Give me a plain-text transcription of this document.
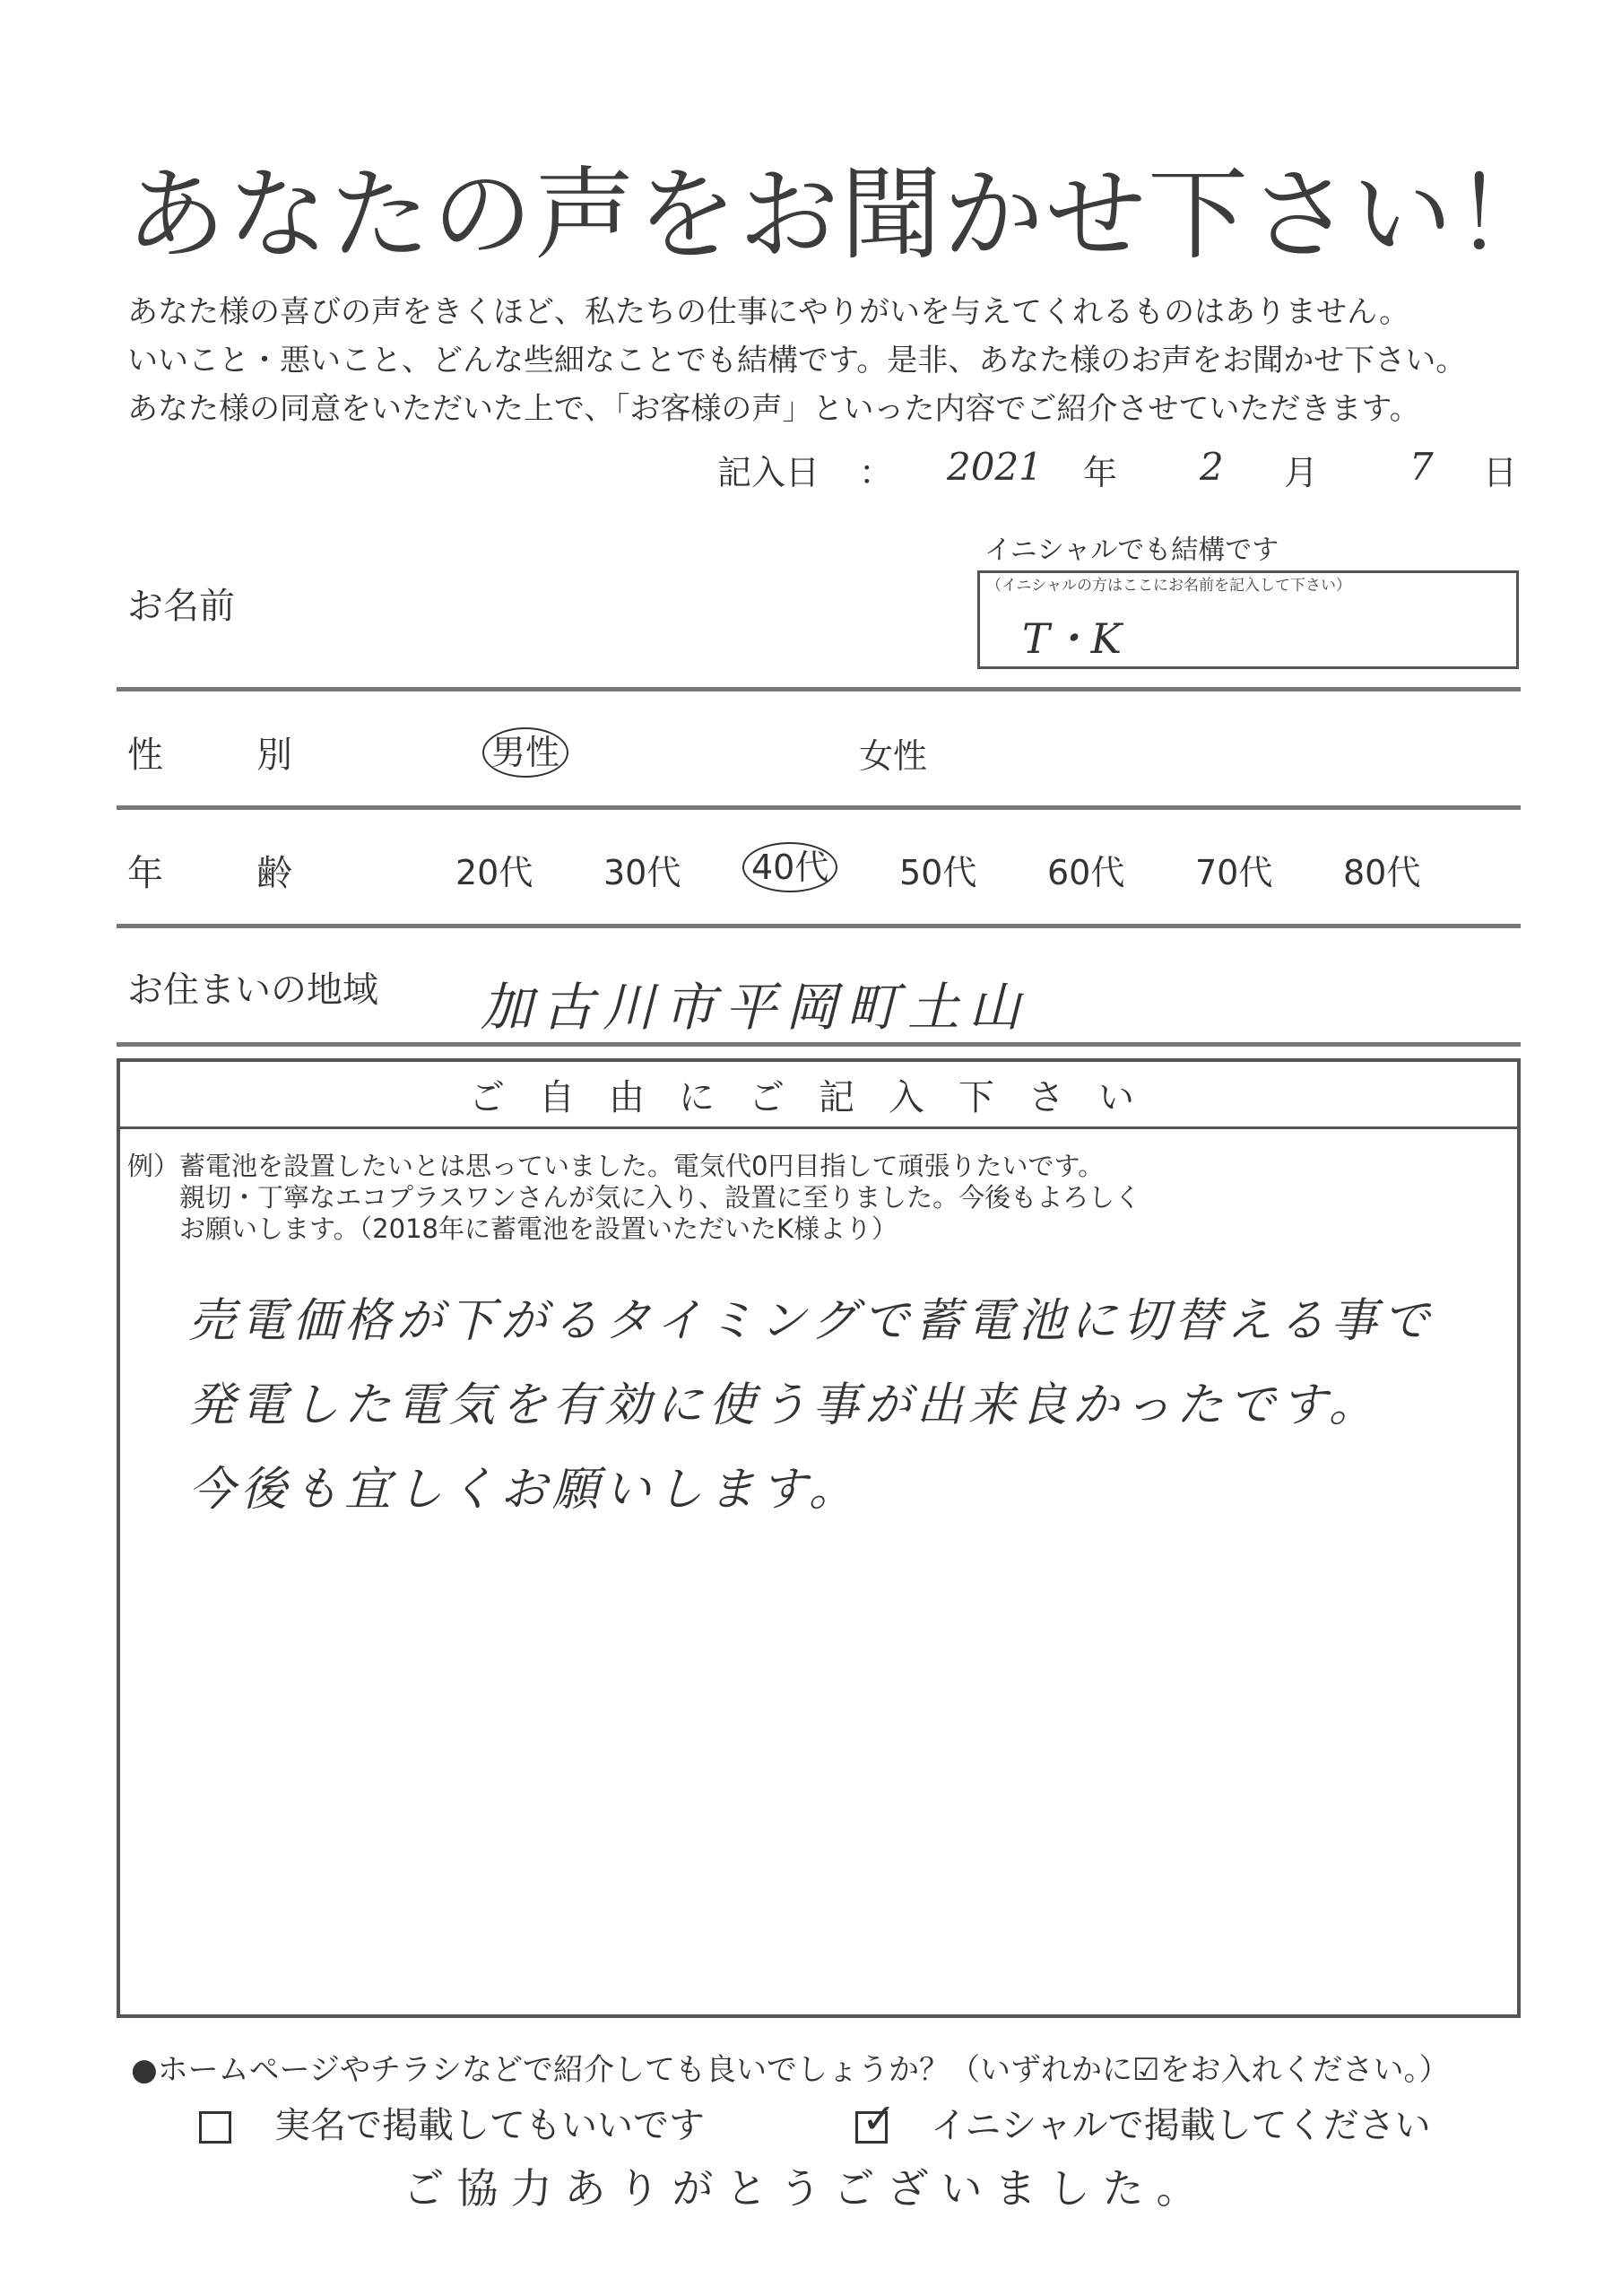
あなたの声をお聞かせ下さい！
あなた様の喜びの声をきくほど、私たちの仕事にやりがいを与えてくれるものはありません。
いいこと・悪いこと、どんな些細なことでも結構です。是非、あなた様のお声をお聞かせ下さい。
あなた様の同意をいただいた上で、「お客様の声」といった内容でご紹介させていただきます。
記入日 ： 2021 年 2 月 7 日
お名前
イニシャルでも結構です
（イニシャルの方はここにお名前を記入して下さい）
T・K
性　別	男性	女性
年　齢	20代 30代 40代 50代 60代 70代 80代
お住まいの地域 加古川市平岡町土山
ご自由にご記入下さい
例）蓄電池を設置したいとは思っていました。電気代0円目指して頑張りたいです。
親切・丁寧なエコプラスワンさんが気に入り、設置に至りました。今後もよろしく
お願いします。（2018年に蓄電池を設置いただいたK様より）
売電価格が下がるタイミングで蓄電池に切替える事で
発電した電気を有効に使う事が出来良かったです。
今後も宜しくお願いします。
●ホームページやチラシなどで紹介しても良いでしょうか？（いずれかに☑をお入れください。）
実名で掲載してもいいです	✓ イニシャルで掲載してください
ご協力ありがとうございました。
